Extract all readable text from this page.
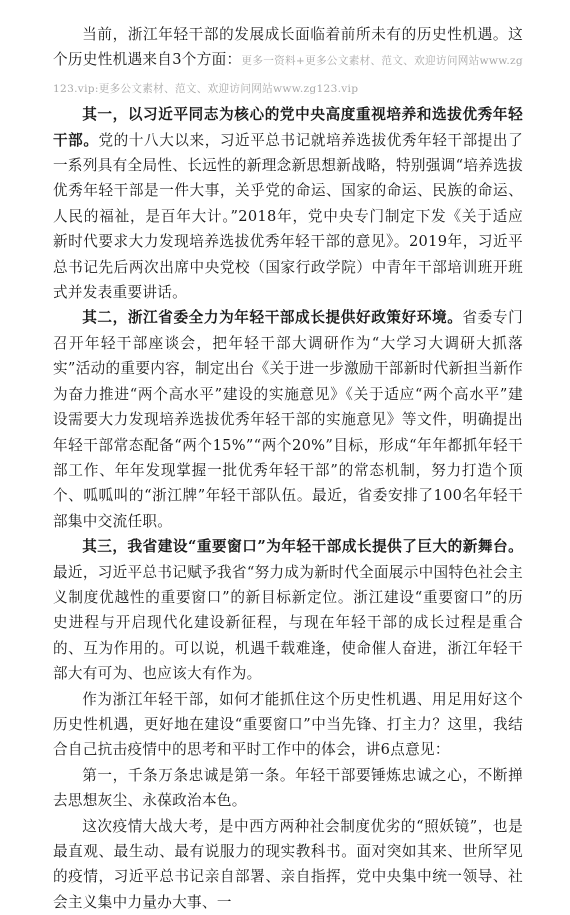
当前，浙江年轻干部的发展成长面临着前所未有的历史性机遇。这个历史性机遇来自3个方面：更多一资料+更多公文素材、范文、欢迎访问网站www.zg123.vip:更多公文素材、范文、欢迎访问网站www.zg123.vip

其一，以习近平同志为核心的党中央高度重视培养和选拔优秀年轻干部。党的十八大以来，习近平总书记就培养选拔优秀年轻干部提出了一系列具有全局性、长远性的新理念新思想新战略，特别强调“培养选拔优秀年轻干部是一件大事，关乎党的命运、国家的命运、民族的命运、人民的福祉，是百年大计。”2018年，党中央专门制定下发《关于适应新时代要求大力发现培养选拔优秀年轻干部的意见》。2019年，习近平总书记先后两次出席中央党校（国家行政学院）中青年干部培训班开班式并发表重要讲话。

其二，浙江省委全力为年轻干部成长提供好政策好环境。省委专门召开年轻干部座谈会，把年轻干部大调研作为“大学习大调研大抓落实”活动的重要内容，制定出台《关于进一步激励干部新时代新担当新作为奋力推进“两个高水平”建设的实施意见》《关于适应“两个高水平”建设需要大力发现培养选拔优秀年轻干部的实施意见》等文件，明确提出年轻干部常态配备“两个15%”“两个20%”目标，形成“年年都抓年轻干部工作、年年发现掌握一批优秀年轻干部”的常态机制，努力打造个顶个、呱呱叫的“浙江牌”年轻干部队伍。最近，省委安排了100名年轻干部集中交流任职。

其三，我省建设“重要窗口”为年轻干部成长提供了巨大的新舞台。最近，习近平总书记赋予我省“努力成为新时代全面展示中国特色社会主义制度优越性的重要窗口”的新目标新定位。浙江建设“重要窗口”的历史进程与开启现代化建设新征程，与现在年轻干部的成长过程是重合的、互为作用的。可以说，机遇千载难逢，使命催人奋进，浙江年轻干部大有可为、也应该大有作为。

作为浙江年轻干部，如何才能抓住这个历史性机遇、用足用好这个历史性机遇，更好地在建设“重要窗口”中当先锋、打主力？这里，我结合自己抗击疫情中的思考和平时工作中的体会，讲6点意见：

第一，千条万条忠诚是第一条。年轻干部要锤炼忠诚之心，不断掸去思想灰尘、永葆政治本色。

这次疫情大战大考，是中西方两种社会制度优劣的“照妖镜”，也是最直观、最生动、最有说服力的现实教科书。面对突如其来、世所罕见的疫情，习近平总书记亲自部署、亲自指挥，党中央集中统一领导、社会主义集中力量办大事、一
